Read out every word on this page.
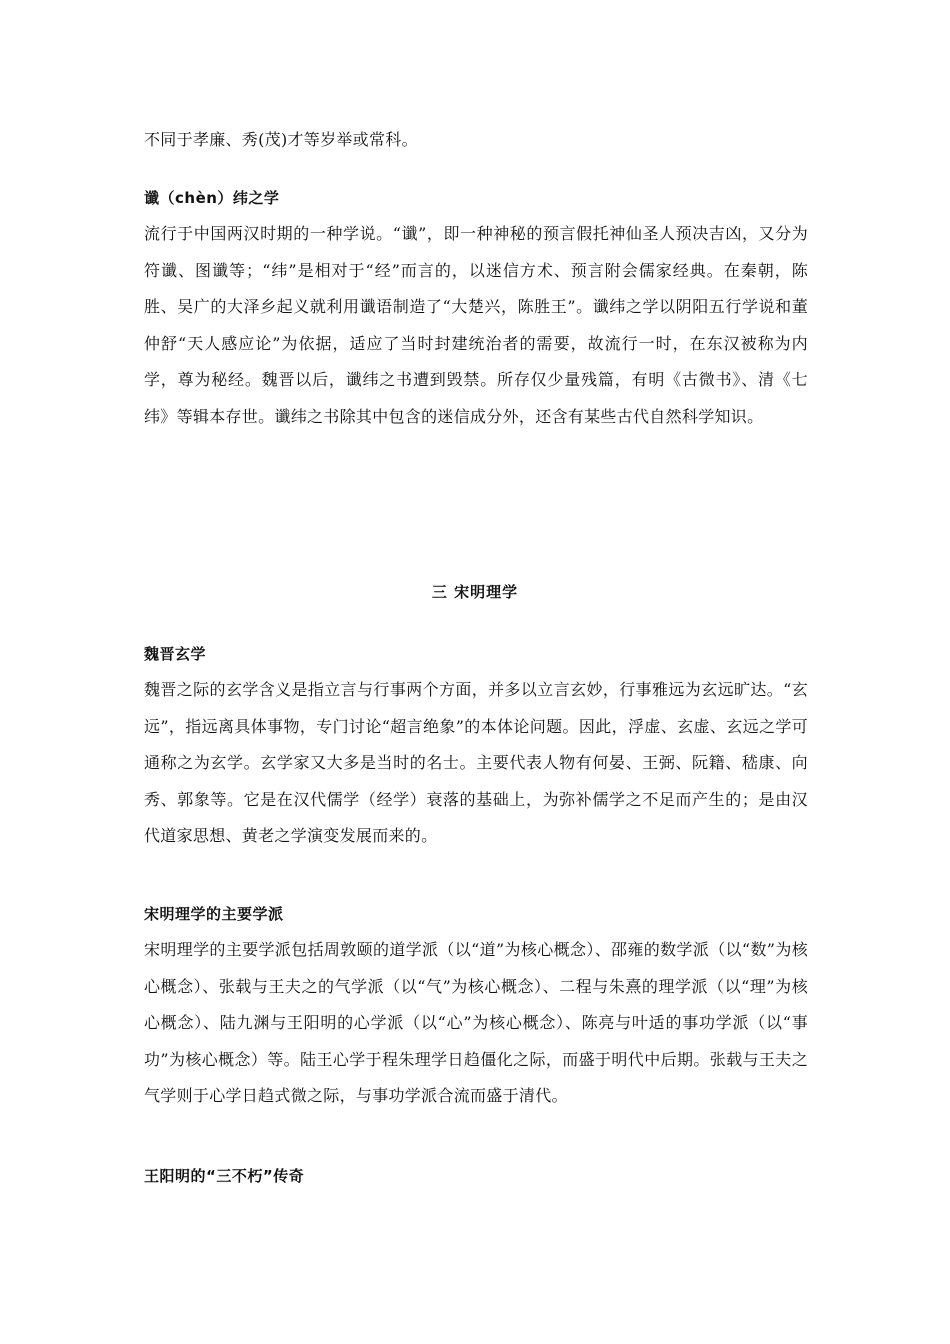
不同于孝廉、秀(茂)才等岁举或常科。

谶（chèn）纬之学

流行于中国两汉时期的一种学说。“谶”，即一种神秘的预言假托神仙圣人预决吉凶，又分为符谶、图谶等；“纬”是相对于“经”而言的，以迷信方术、预言附会儒家经典。在秦朝，陈胜、吴广的大泽乡起义就利用谶语制造了“大楚兴，陈胜王”。谶纬之学以阴阳五行学说和董仲舒“天人感应论”为依据，适应了当时封建统治者的需要，故流行一时，在东汉被称为内学，尊为秘经。魏晋以后，谶纬之书遭到毁禁。所存仅少量残篇，有明《古微书》、清《七纬》等辑本存世。谶纬之书除其中包含的迷信成分外，还含有某些古代自然科学知识。

三 宋明理学
魏晋玄学

魏晋之际的玄学含义是指立言与行事两个方面，并多以立言玄妙，行事雅远为玄远旷达。“玄远”，指远离具体事物，专门讨论“超言绝象”的本体论问题。因此，浮虚、玄虚、玄远之学可通称之为玄学。玄学家又大多是当时的名士。主要代表人物有何晏、王弼、阮籍、嵇康、向秀、郭象等。它是在汉代儒学（经学）衰落的基础上，为弥补儒学之不足而产生的；是由汉代道家思想、黄老之学演变发展而来的。

宋明理学的主要学派

宋明理学的主要学派包括周敦颐的道学派（以“道”为核心概念）、邵雍的数学派（以“数”为核心概念）、张载与王夫之的气学派（以“气”为核心概念）、二程与朱熹的理学派（以“理”为核心概念）、陆九渊与王阳明的心学派（以“心”为核心概念）、陈亮与叶适的事功学派（以“事功”为核心概念）等。陆王心学于程朱理学日趋僵化之际，而盛于明代中后期。张载与王夫之气学则于心学日趋式微之际，与事功学派合流而盛于清代。

王阳明的“三不朽”传奇
